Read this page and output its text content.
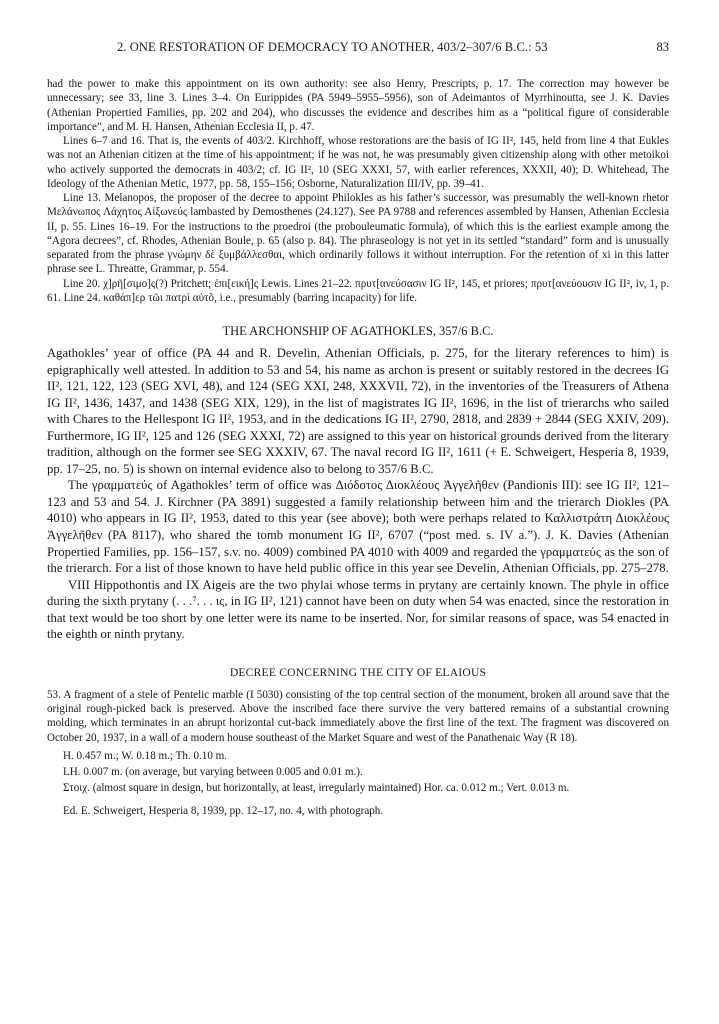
2. ONE RESTORATION OF DEMOCRACY TO ANOTHER, 403/2–307/6 B.C.: 53	83

had the power to make this appointment on its own authority: see also Henry, Prescripts, p. 17. The correction may however be unnecessary; see 33, line 3. Lines 3–4. On Eurippides (PA 5949–5955–5956), son of Adeimantos of Myrrhinoutta, see J. K. Davies (Athenian Propertied Families, pp. 202 and 204), who discusses the evidence and describes him as a “political figure of considerable importance”, and M. H. Hansen, Athenian Ecclesia II, p. 47.

Lines 6–7 and 16. That is, the events of 403/2. Kirchhoff, whose restorations are the basis of IG II², 145, held from line 4 that Eukles was not an Athenian citizen at the time of his appointment; if he was not, he was presumably given citizenship along with other metoikoi who actively supported the democrats in 403/2; cf. IG II², 10 (SEG XXXI, 57, with earlier references, XXXII, 40); D. Whitehead, The Ideology of the Athenian Metic, 1977, pp. 58, 155–156; Osborne, Naturalization III/IV, pp. 39–41.

Line 13. Melanopos, the proposer of the decree to appoint Philokles as his father’s successor, was presumably the well-known rhetor Μελάνωπος Λάχητος Αἰξωνεύς lambasted by Demosthenes (24.127). See PA 9788 and references assembled by Hansen, Athenian Ecclesia II, p. 55. Lines 16–19. For the instructions to the proedroi (the probouleumatic formula), of which this is the earliest example among the “Agora decrees”, cf. Rhodes, Athenian Boule, p. 65 (also p. 84). The phraseology is not yet in its settled “standard” form and is unusually separated from the phrase γνώμην δὲ ξυμβάλλεσθαι, which ordinarily follows it without interruption. For the retention of xi in this latter phrase see L. Threatte, Grammar, p. 554.

Line 20. χ]ρῆ[σιμο]ς(?) Pritchett; ἐπι[εική]ς Lewis. Lines 21–22. πρυτ[ανεύσασιν IG II², 145, et priores; πρυτ[ανεύουσιν IG II², iv, 1, p. 61. Line 24. καθάπ]ερ τῶι πατρὶ αὐτõ, i.e., presumably (barring incapacity) for life.

THE ARCHONSHIP OF AGATHOKLES, 357/6 B.C.

Agathokles’ year of office (PA 44 and R. Develin, Athenian Officials, p. 275, for the literary references to him) is epigraphically well attested. In addition to 53 and 54, his name as archon is present or suitably restored in the decrees IG II², 121, 122, 123 (SEG XVI, 48), and 124 (SEG XXI, 248, XXXVII, 72), in the inventories of the Treasurers of Athena IG II², 1436, 1437, and 1438 (SEG XIX, 129), in the list of magistrates IG II², 1696, in the list of trierarchs who sailed with Chares to the Hellespont IG II², 1953, and in the dedications IG II², 2790, 2818, and 2839 + 2844 (SEG XXIV, 209). Furthermore, IG II², 125 and 126 (SEG XXXI, 72) are assigned to this year on historical grounds derived from the literary tradition, although on the former see SEG XXXIV, 67. The naval record IG II², 1611 (+ E. Schweigert, Hesperia 8, 1939, pp. 17–25, no. 5) is shown on internal evidence also to belong to 357/6 B.C.

The γραμματεύς of Agathokles’ term of office was Διόδοτος Διοκλέους Ἀγγελῆθεν (Pandionis III): see IG II², 121–123 and 53 and 54. J. Kirchner (PA 3891) suggested a family relationship between him and the trierarch Diokles (PA 4010) who appears in IG II², 1953, dated to this year (see above); both were perhaps related to Καλλιστράτη Διοκλέους Ἀγγελῆθεν (PA 8117), who shared the tomb monument IG II², 6707 (“post med. s. IV a.”). J. K. Davies (Athenian Propertied Families, pp. 156–157, s.v. no. 4009) combined PA 4010 with 4009 and regarded the γραμματεύς as the son of the trierarch. For a list of those known to have held public office in this year see Develin, Athenian Officials, pp. 275–278.

VIII Hippothontis and IX Aigeis are the two phylai whose terms in prytany are certainly known. The phyle in office during the sixth prytany (. . .⁷. . . ις, in IG II², 121) cannot have been on duty when 54 was enacted, since the restoration in that text would be too short by one letter were its name to be inserted. Nor, for similar reasons of space, was 54 enacted in the eighth or ninth prytany.

DECREE CONCERNING THE CITY OF ELAIOUS

53. A fragment of a stele of Pentelic marble (I 5030) consisting of the top central section of the monument, broken all around save that the original rough-picked back is preserved. Above the inscribed face there survive the very battered remains of a substantial crowning molding, which terminates in an abrupt horizontal cut-back immediately above the first line of the text. The fragment was discovered on October 20, 1937, in a wall of a modern house southeast of the Market Square and west of the Panathenaic Way (R 18).

H. 0.457 m.; W. 0.18 m.; Th. 0.10 m.

LH. 0.007 m. (on average, but varying between 0.005 and 0.01 m.).

Στοιχ. (almost square in design, but horizontally, at least, irregularly maintained) Hor. ca. 0.012 m.; Vert. 0.013 m.

Ed. E. Schweigert, Hesperia 8, 1939, pp. 12–17, no. 4, with photograph.
